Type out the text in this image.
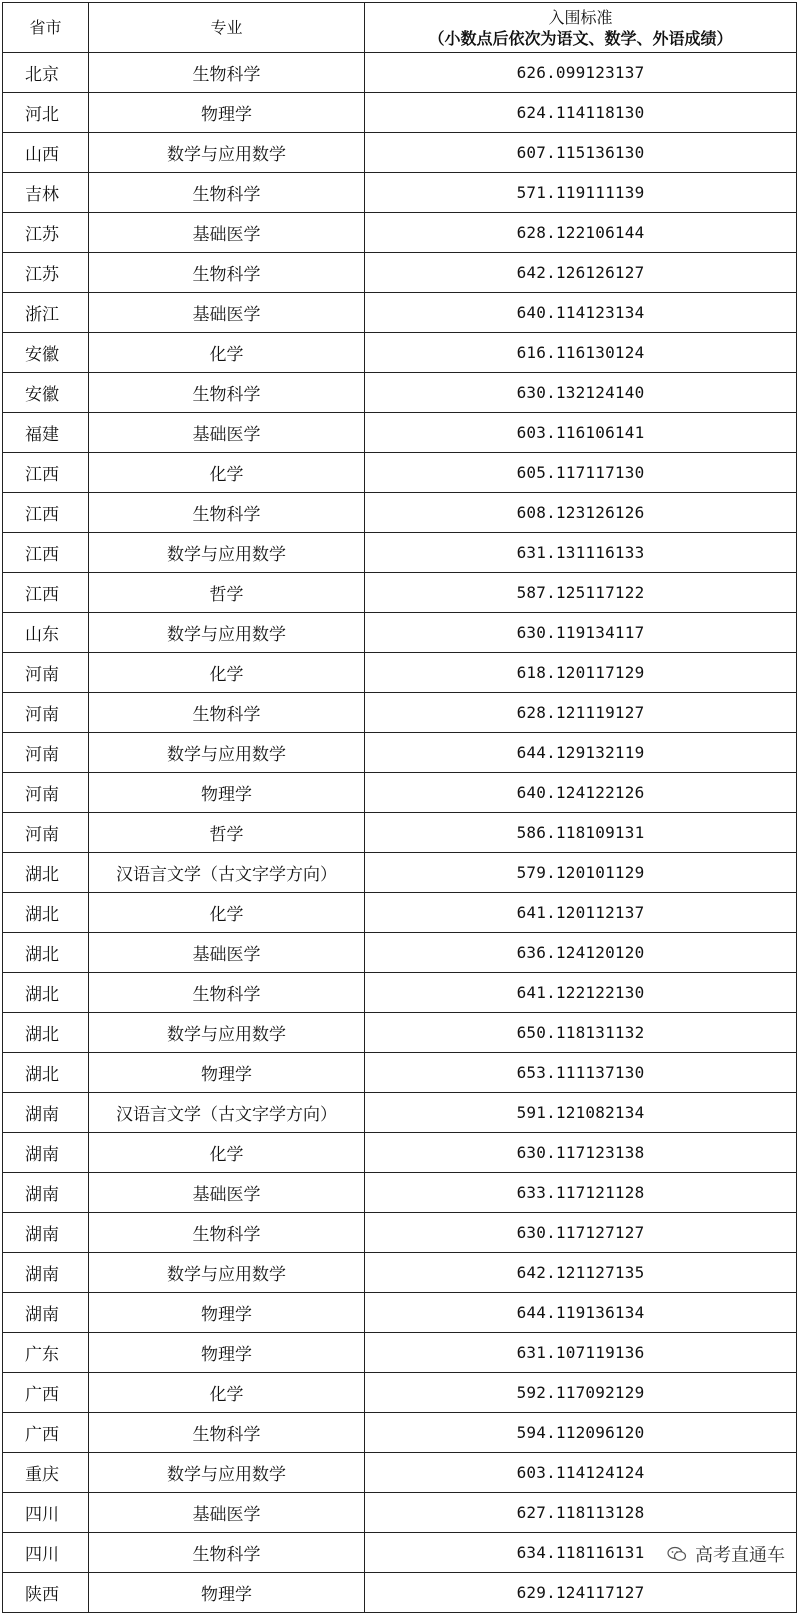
省市	专业	入围标准
（小数点后依次为语文、数学、外语成绩）

北京	生物科学	626.099123137
河北	物理学	624.114118130
山西	数学与应用数学	607.115136130
吉林	生物科学	571.119111139
江苏	基础医学	628.122106144
江苏	生物科学	642.126126127
浙江	基础医学	640.114123134
安徽	化学	616.116130124
安徽	生物科学	630.132124140
福建	基础医学	603.116106141
江西	化学	605.117117130
江西	生物科学	608.123126126
江西	数学与应用数学	631.131116133
江西	哲学	587.125117122
山东	数学与应用数学	630.119134117
河南	化学	618.120117129
河南	生物科学	628.121119127
河南	数学与应用数学	644.129132119
河南	物理学	640.124122126
河南	哲学	586.118109131
湖北	汉语言文学（古文字学方向）	579.120101129
湖北	化学	641.120112137
湖北	基础医学	636.124120120
湖北	生物科学	641.122122130
湖北	数学与应用数学	650.118131132
湖北	物理学	653.111137130
湖南	汉语言文学（古文字学方向）	591.121082134
湖南	化学	630.117123138
湖南	基础医学	633.117121128
湖南	生物科学	630.117127127
湖南	数学与应用数学	642.121127135
湖南	物理学	644.119136134
广东	物理学	631.107119136
广西	化学	592.117092129
广西	生物科学	594.112096120
重庆	数学与应用数学	603.114124124
四川	基础医学	627.118113128
四川	生物科学	634.118116131
陕西	物理学	629.124117127
高考直通车
